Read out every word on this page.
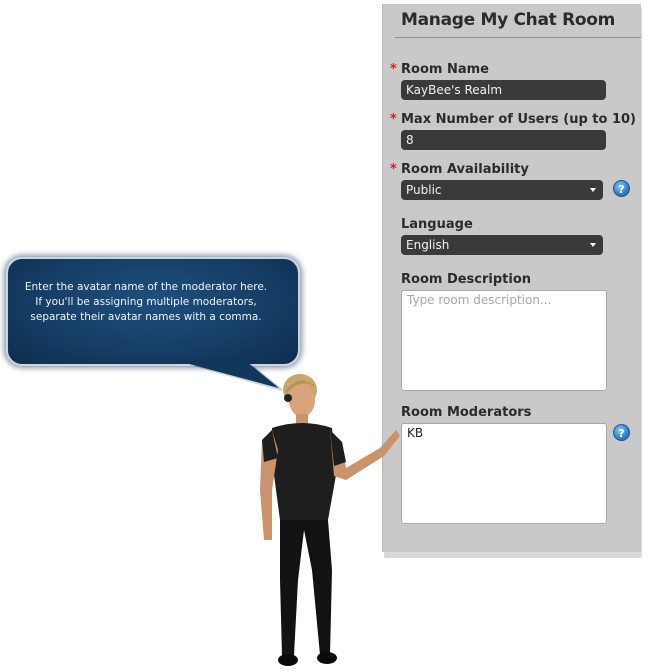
Manage My Chat Room
* Room Name
KayBee's Realm
* Max Number of Users (up to 10)
8
* Room Availability
Public	?
Language
English
Room Description
Type room description...
Room Moderators
KB	?
Enter the avatar name of the moderator here.
If you'll be assigning multiple moderators,
separate their avatar names with a comma.
